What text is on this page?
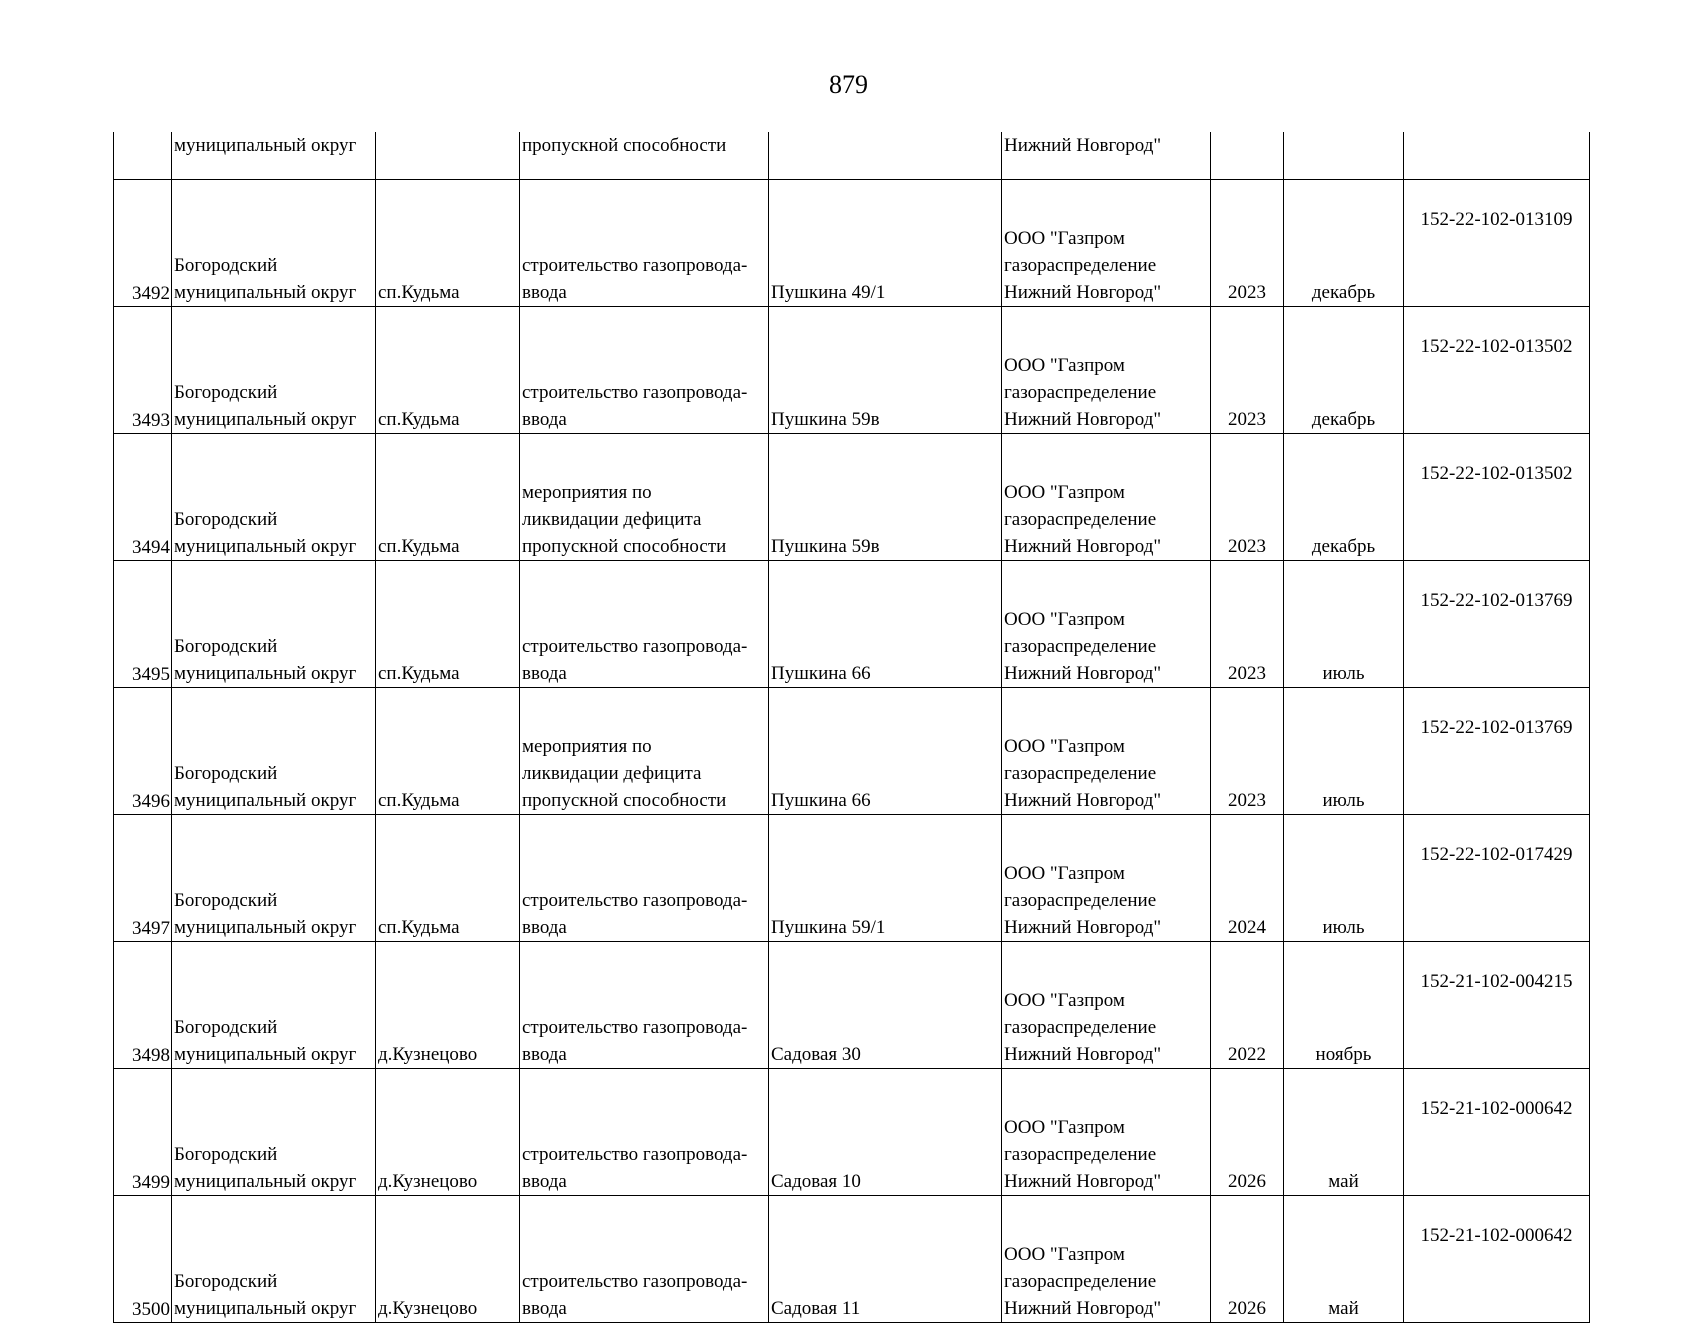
879
	муниципальный округ		пропускной способности		Нижний Новгород"			
3492	Богородский
муниципальный округ	сп.Кудьма	строительство газопровода-
ввода	Пушкина 49/1	ООО "Газпром
газораспределение
Нижний Новгород"	2023	декабрь	152-22-102-013109
3493	Богородский
муниципальный округ	сп.Кудьма	строительство газопровода-
ввода	Пушкина 59в	ООО "Газпром
газораспределение
Нижний Новгород"	2023	декабрь	152-22-102-013502
3494	Богородский
муниципальный округ	сп.Кудьма	мероприятия по
ликвидации дефицита
пропускной способности	Пушкина 59в	ООО "Газпром
газораспределение
Нижний Новгород"	2023	декабрь	152-22-102-013502
3495	Богородский
муниципальный округ	сп.Кудьма	строительство газопровода-
ввода	Пушкина 66	ООО "Газпром
газораспределение
Нижний Новгород"	2023	июль	152-22-102-013769
3496	Богородский
муниципальный округ	сп.Кудьма	мероприятия по
ликвидации дефицита
пропускной способности	Пушкина 66	ООО "Газпром
газораспределение
Нижний Новгород"	2023	июль	152-22-102-013769
3497	Богородский
муниципальный округ	сп.Кудьма	строительство газопровода-
ввода	Пушкина 59/1	ООО "Газпром
газораспределение
Нижний Новгород"	2024	июль	152-22-102-017429
3498	Богородский
муниципальный округ	д.Кузнецово	строительство газопровода-
ввода	Садовая 30	ООО "Газпром
газораспределение
Нижний Новгород"	2022	ноябрь	152-21-102-004215
3499	Богородский
муниципальный округ	д.Кузнецово	строительство газопровода-
ввода	Садовая 10	ООО "Газпром
газораспределение
Нижний Новгород"	2026	май	152-21-102-000642
3500	Богородский
муниципальный округ	д.Кузнецово	строительство газопровода-
ввода	Садовая 11	ООО "Газпром
газораспределение
Нижний Новгород"	2026	май	152-21-102-000642
